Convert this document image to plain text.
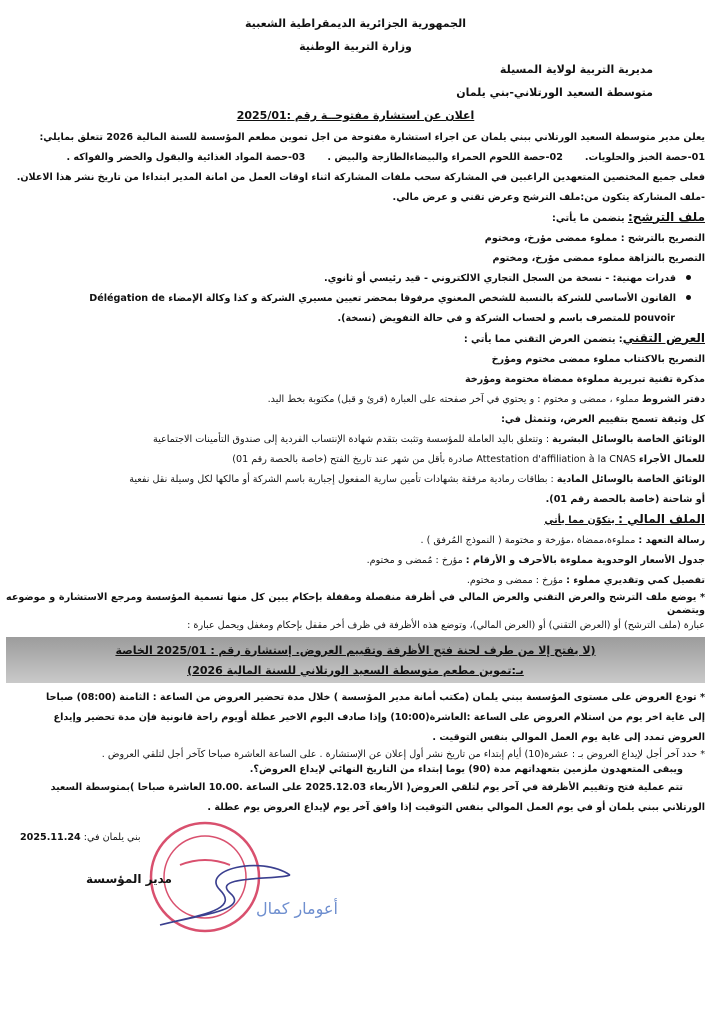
الجمهورية الجزائرية الديمقراطية الشعبية
وزارة التربية الوطنية
مديرية التربية لولاية المسيلة
متوسطة السعيد الورتلاني-بني يلمان
اعلان عن استشارة مفتوحــة رقم :2025/01
يعلن مدير متوسطة السعيد الورتلاني ببني يلمان عن اجراء استشارة مفتوحة من اجل تموين مطعم المؤسسة للسنة المالية 2026 تتعلق بمايلي:
01-حصة الخبز والحلويات.
02-حصة اللحوم الحمراء والبيضاءالطازجة والبيض .
03-حصة المواد الغذائية والبقول والخضر والفواكه .
فعلى جميع المختصين المتعهدين الراغبين في المشاركة سحب ملفات المشاركة اثناء اوقات العمل من امانة المدير ابتداءا من تاريخ نشر هذا الاعلان.
-ملف المشاركة يتكون من:ملف الترشح وعرض تقني و عرض مالي.
ملف الترشح: يتضمن ما يأتي:
التصريح بالترشح : مملوء ممضى مؤرخ، ومختوم
التصريح بالنزاهة مملوء ممضى مؤرخ، ومختوم
قدرات مهنية: - نسخة من السجل التجاري الالكتروني - قيد رئيسي أو ثانوي.
القانون الأساسي للشركة بالنسبة للشخص المعنوي مرفوقا بمحضر تعيين مسيري الشركة و كذا وكالة الإمضاء Délégation de
pouvoir للمتصرف باسم و لحساب الشركة و في حالة التفويض (نسخة).
العرض التقني: يتضمن العرض التقني مما يأتي :
التصريح بالاكتتاب مملوء ممضى مختوم ومؤرخ
مذكرة تقنية تبريرية مملوءة ممضاة مختومة ومؤرخة
دفتر الشروط مملوء ، ممضى و مختوم : و يحتوي في آخر صفحته على العبارة (قرئ و قبل) مكتوبة بخط اليد.
كل وثيقة تسمح بتقييم العرض، وتتمثل في:
الوثائق الخاصة بالوسائل البشرية : وتتعلق باليد العاملة للمؤسسة وتثبت بتقدم شهادة الإنتساب الفردية إلى صندوق التأمينات الاجتماعية
للعمال الأجراء Attestation d'affiliation à la CNAS صادرة بأقل من شهر عند تاريخ الفتح (خاصة بالحصة رقم 01)
الوثائق الخاصة بالوسائل المادية : بطاقات رمادية مرفقة بشهادات تأمين سارية المفعول إجبارية باسم الشركة أو مالكها لكل وسيلة نقل نفعية
أو شاحنة (خاصة بالحصة رقم 01).
الملف المالي : يتكوّن مما يأتي
رسالة التعهد : مملوءة،ممضاة ،مؤرخة و مختومة ( النموذج المُرفق ) .
جدول الأسعار الوحدوية مملوءة بالأحرف و الأرقام : مؤرخ : مُمضى و مختوم.
تفصيل كمي وتقديري مملوء : مؤرخ : ممضى و مختوم.
* يوضع ملف الترشح والعرض التقني والعرض المالي في أظرفة منفصلة ومقفلة بإحكام يبين كل منها تسمية المؤسسة ومرجع الاستشارة و موضوعه ويتضمن
عبارة (ملف الترشح) أو (العرض التقني) أو (العرض المالي)، وتوضع هذه الأظرفة في ظرف أخر مقفل بإحكام ومغفل ويحمل عبارة :
(لا يفتح إلا من طرف لجنة فتح الأظرفة وتقييم العروض. إستشارة رقم : 2025/01 الخاصة
بـ:تموين مطعم متوسطة السعيد الورتلاني للسنة المالية 2026)
* تودع العروض على مستوى المؤسسة ببني يلمان (مكتب أمانة مدير المؤسسة ) خلال مدة تحضير العروض من الساعة : الثامنة (08:00) صباحا
إلى غاية اخر يوم من استلام العروض على الساعة :العاشرة(10:00) وإذا صادف اليوم الاخير عطلة أويوم راحة قانونية فإن مدة تحضير وإيداع
العروض تمدد إلى غاية يوم العمل الموالي بنفس التوقيت .
* حدد آخر أجل لإيداع العروض بـ : عشرة(10) أيام إبتداء من تاريخ نشر أول إعلان عن الإستشارة . على الساعة العاشرة صباحا كآخر أجل لتلقي العروض .
ويبقى المتعهدون ملزمين بتعهداتهم مدة (90) يوما إبتداء من التاريخ النهائي لإيداع العروض؟.
تتم عملية فتح وتقييم الأظرفة في آخر يوم لتلقي العروض( الأربعاء 2025.12.03 على الساعة .10.00 العاشرة صباحا )بمتوسطة السعيد
الورتلاني ببني يلمان أو في يوم العمل الموالي بنفس التوقيت إذا وافق آخر يوم لإيداع العروض يوم عطلة .
بني يلمان في: 2025.11.24
مدير المؤسسة
أعومار كمال
